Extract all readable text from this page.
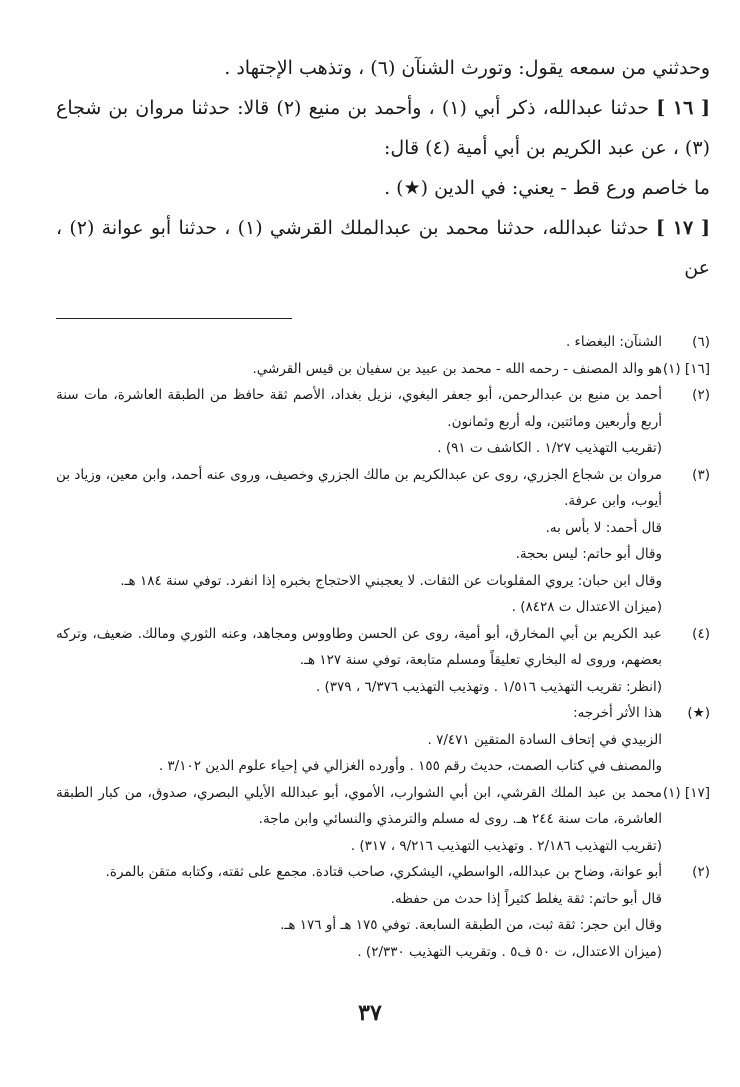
وحدثني من سمعه يقول: وتورث الشنآن (٦) ، وتذهب الإجتهاد .

[ ١٦ ] حدثنا عبدالله، ذكر أبي (١) ، وأحمد بن منيع (٢) قالا: حدثنا مروان بن شجاع (٣) ، عن عبد الكريم بن أبي أمية (٤) قال:

ما خاصم ورع قط - يعني: في الدين (★) .

[ ١٧ ] حدثنا عبدالله، حدثنا محمد بن عبدالملك القرشي (١) ، حدثنا أبو عوانة (٢) ، عن

(٦)
الشنآن: البغضاء .
[١٦] (١)
هو والد المصنف - رحمه الله - محمد بن عبيد بن سفيان بن قيس القرشي.
(٢)
أحمد بن منيع بن عبدالرحمن، أبو جعفر البغوي، نزيل بغداد، الأصم ثقة حافظ من الطبقة العاشرة، مات سنة أربع وأربعين ومائتين، وله أربع وثمانون.
(تقريب التهذيب ١/٢٧ . الكاشف ت ٩١) .
(٣)
مروان بن شجاع الجزري، روى عن عبدالكريم بن مالك الجزري وخصيف، وروى عنه أحمد، وابن معين، وزياد بن أيوب، وابن عرفة.
قال أحمد: لا بأس به.
وقال أبو حاتم: ليس بحجة.
وقال ابن حبان: يروي المقلوبات عن الثقات. لا يعجبني الاحتجاج بخبره إذا انفرد. توفي سنة ١٨٤ هـ.
(ميزان الاعتدال ت ٨٤٢٨) .
(٤)
عبد الكريم بن أبي المخارق، أبو أمية، روى عن الحسن وطاووس ومجاهد، وعنه الثوري ومالك. ضعيف، وتركه بعضهم، وروى له البخاري تعليقاً ومسلم متابعة، توفي سنة ١٢٧ هـ.
(انظر: تقريب التهذيب ١/٥١٦ . وتهذيب التهذيب ٦/٣٧٦ ، ٣٧٩) .
(★)
هذا الأثر أخرجه:
الزبيدي في إتحاف السادة المتقين ٧/٤٧١ .
والمصنف في كتاب الصمت، حديث رقم ١٥٥ . وأورده الغزالي في إحياء علوم الدين ٣/١٠٢ .
[١٧] (١)
محمد بن عبد الملك القرشي، ابن أبي الشوارب، الأموي، أبو عبدالله الأيلي البصري، صدوق، من كبار الطبقة العاشرة، مات سنة ٢٤٤ هـ. روى له مسلم والترمذي والنسائي وابن ماجة.
(تقريب التهذيب ٢/١٨٦ . وتهذيب التهذيب ٩/٢١٦ ، ٣١٧) .
(٢)
أبو عوانة، وضاح بن عبدالله، الواسطي، اليشكري، صاحب قتادة. مجمع على ثقته، وكتابه متقن بالمرة.
قال أبو حاتم: ثقة يغلط كثيراً إذا حدث من حفظه.
وقال ابن حجر: ثقة ثبت، من الطبقة السابعة. توفي ١٧٥ هـ أو ١٧٦ هـ.
(ميزان الاعتدال، ت ٥٠ ف٥ . وتقريب التهذيب ٢/٣٣٠) .
٣٧
